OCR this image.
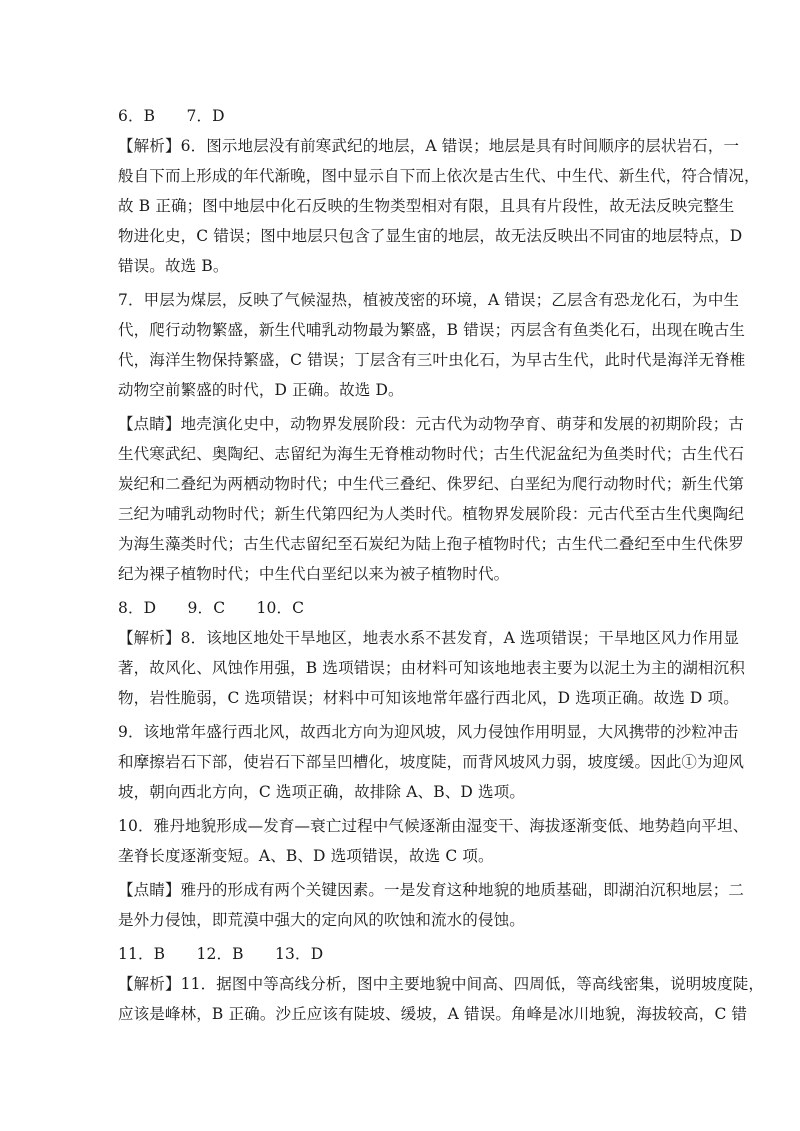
6．B　　7．D
【解析】6．图示地层没有前寒武纪的地层，A 错误；地层是具有时间顺序的层状岩石，一
般自下而上形成的年代渐晚，图中显示自下而上依次是古生代、中生代、新生代，符合情况，
故 B 正确；图中地层中化石反映的生物类型相对有限，且具有片段性，故无法反映完整生
物进化史，C 错误；图中地层只包含了显生宙的地层，故无法反映出不同宙的地层特点，D
错误。故选 B。
7．甲层为煤层，反映了气候湿热，植被茂密的环境，A 错误；乙层含有恐龙化石，为中生
代，爬行动物繁盛，新生代哺乳动物最为繁盛，B 错误；丙层含有鱼类化石，出现在晚古生
代，海洋生物保持繁盛，C 错误；丁层含有三叶虫化石，为早古生代，此时代是海洋无脊椎
动物空前繁盛的时代，D 正确。故选 D。
【点睛】地壳演化史中，动物界发展阶段：元古代为动物孕育、萌芽和发展的初期阶段；古
生代寒武纪、奥陶纪、志留纪为海生无脊椎动物时代；古生代泥盆纪为鱼类时代；古生代石
炭纪和二叠纪为两栖动物时代；中生代三叠纪、侏罗纪、白垩纪为爬行动物时代；新生代第
三纪为哺乳动物时代；新生代第四纪为人类时代。植物界发展阶段：元古代至古生代奥陶纪
为海生藻类时代；古生代志留纪至石炭纪为陆上孢子植物时代；古生代二叠纪至中生代侏罗
纪为裸子植物时代；中生代白垩纪以来为被子植物时代。
8．D　　9．C　　10．C
【解析】8．该地区地处干旱地区，地表水系不甚发育，A 选项错误；干旱地区风力作用显
著，故风化、风蚀作用强，B 选项错误；由材料可知该地地表主要为以泥土为主的湖相沉积
物，岩性脆弱，C 选项错误；材料中可知该地常年盛行西北风，D 选项正确。故选 D 项。
9．该地常年盛行西北风，故西北方向为迎风坡，风力侵蚀作用明显，大风携带的沙粒冲击
和摩擦岩石下部，使岩石下部呈凹槽化，坡度陡，而背风坡风力弱，坡度缓。因此①为迎风
坡，朝向西北方向，C 选项正确，故排除 A、B、D 选项。
10．雅丹地貌形成—发育—衰亡过程中气候逐渐由湿变干、海拔逐渐变低、地势趋向平坦、
垄脊长度逐渐变短。A、B、D 选项错误，故选 C 项。
【点睛】雅丹的形成有两个关键因素。一是发育这种地貌的地质基础，即湖泊沉积地层；二
是外力侵蚀，即荒漠中强大的定向风的吹蚀和流水的侵蚀。
11．B　　12．B　　13．D
【解析】11．据图中等高线分析，图中主要地貌中间高、四周低，等高线密集，说明坡度陡，
应该是峰林，B 正确。沙丘应该有陡坡、缓坡，A 错误。角峰是冰川地貌，海拔较高，C 错
